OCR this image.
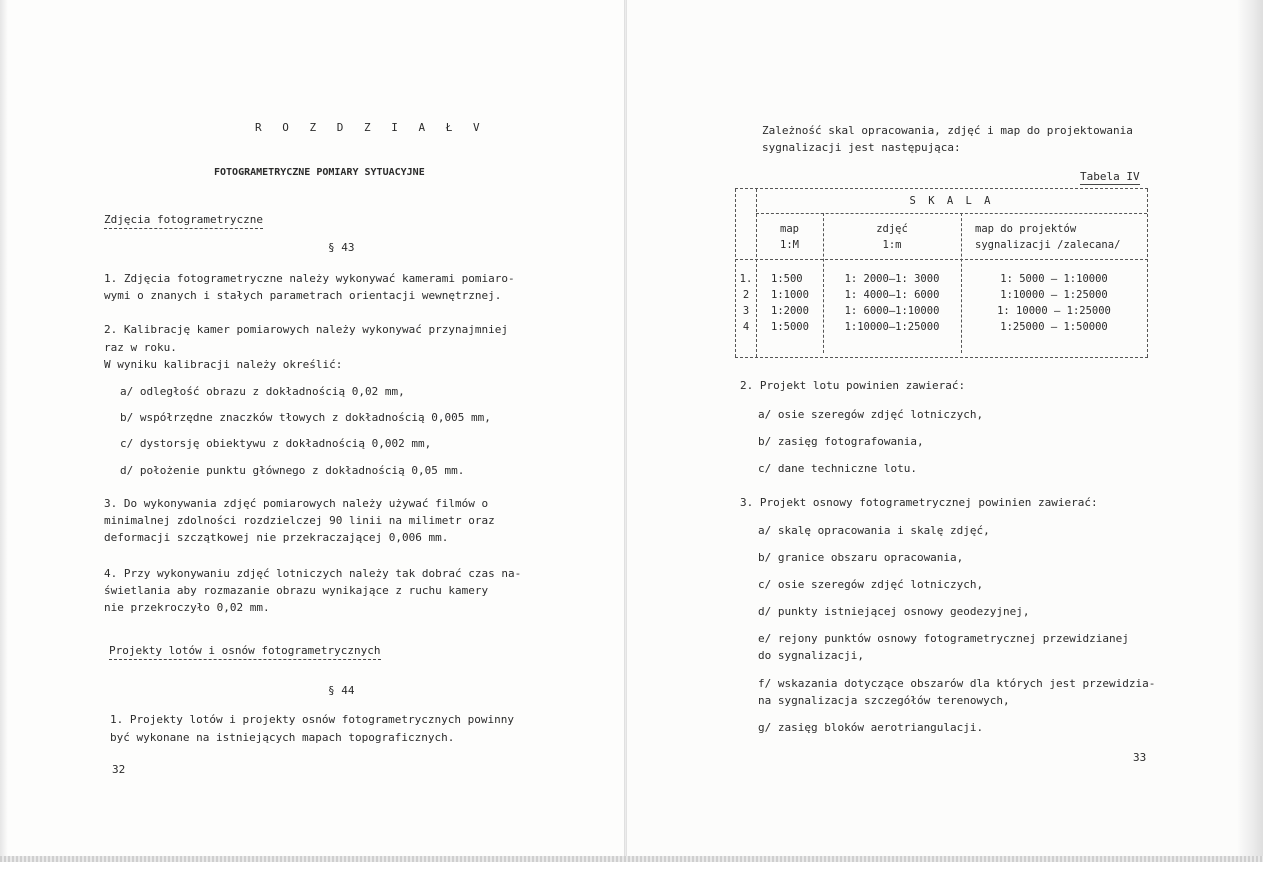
R O Z D Z I A Ł V
FOTOGRAMETRYCZNE POMIARY SYTUACYJNE
Zdjęcia fotogrametryczne
§ 43
1. Zdjęcia fotogrametryczne należy wykonywać kamerami pomiaro-
wymi o znanych i stałych parametrach orientacji wewnętrznej.
2. Kalibrację kamer pomiarowych należy wykonywać przynajmniej
raz w roku.
W wyniku kalibracji należy określić:
a/ odległość obrazu z dokładnością 0,02 mm,
b/ współrzędne znaczków tłowych z dokładnością 0,005 mm,
c/ dystorsję obiektywu z dokładnością 0,002 mm,
d/ położenie punktu głównego z dokładnością 0,05 mm.
3. Do wykonywania zdjęć pomiarowych należy używać filmów o
minimalnej zdolności rozdzielczej 90 linii na milimetr oraz
deformacji szczątkowej nie przekraczającej 0,006 mm.
4. Przy wykonywaniu zdjęć lotniczych należy tak dobrać czas na-
świetlania aby rozmazanie obrazu wynikające z ruchu kamery
nie przekroczyło 0,02 mm.
Projekty lotów i osnów fotogrametrycznych
§ 44
1. Projekty lotów i projekty osnów fotogrametrycznych powinny
być wykonane na istniejących mapach topograficznych.
32
Zależność skal opracowania, zdjęć i map do projektowania
sygnalizacji jest następująca:
Tabela IV
S K A L A
map
1:M
zdjęć
1:m
map do projektów
sygnalizacji /zalecana/
1.
2
3
4
1:500
1:1000
1:2000
1:5000
1: 2000–1: 3000
1: 4000–1: 6000
1: 6000–1:10000
1:10000–1:25000
1: 5000 – 1:10000
1:10000 – 1:25000
1: 10000 – 1:25000
1:25000 – 1:50000
2. Projekt lotu powinien zawierać:
a/ osie szeregów zdjęć lotniczych,
b/ zasięg fotografowania,
c/ dane techniczne lotu.
3. Projekt osnowy fotogrametrycznej powinien zawierać:
a/ skalę opracowania i skalę zdjęć,
b/ granice obszaru opracowania,
c/ osie szeregów zdjęć lotniczych,
d/ punkty istniejącej osnowy geodezyjnej,
e/ rejony punktów osnowy fotogrametrycznej przewidzianej
do sygnalizacji,
f/ wskazania dotyczące obszarów dla których jest przewidzia-
na sygnalizacja szczegółów terenowych,
g/ zasięg bloków aerotriangulacji.
33
